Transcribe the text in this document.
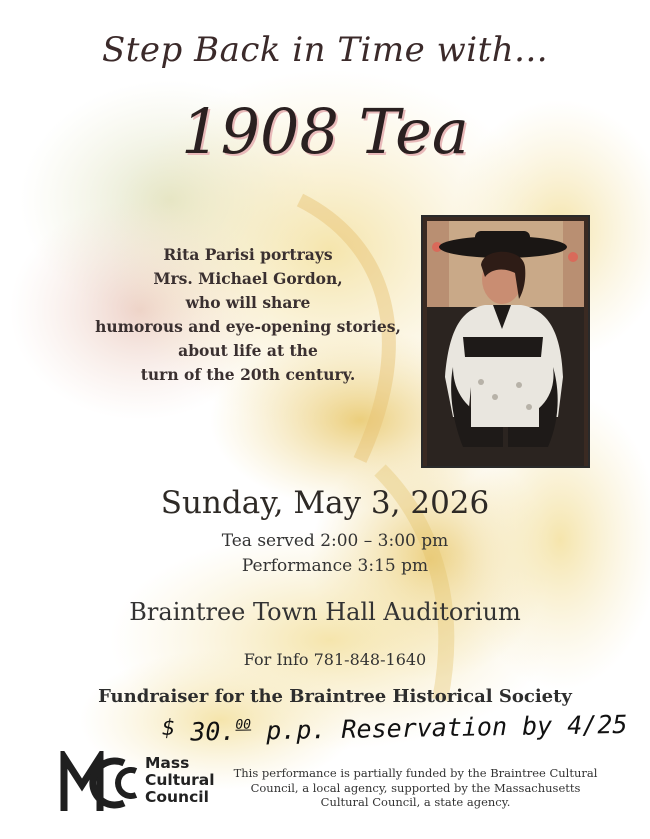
Step Back in Time with...
1908 Tea
Rita Parisi portrays
Mrs. Michael Gordon,
who will share
humorous and eye-opening stories,
about life at the
turn of the 20th century.
Sunday, May 3, 2026
Tea served 2:00 – 3:00 pm
Performance 3:15 pm
Braintree Town Hall Auditorium
For Info 781-848-1640
Fundraiser for the Braintree Historical Society
$ 30.00 p.p. Reservation by 4/25
Mass
Cultural
Council
This performance is partially funded by the Braintree Cultural
Council, a local agency, supported by the Massachusetts
Cultural Council, a state agency.
